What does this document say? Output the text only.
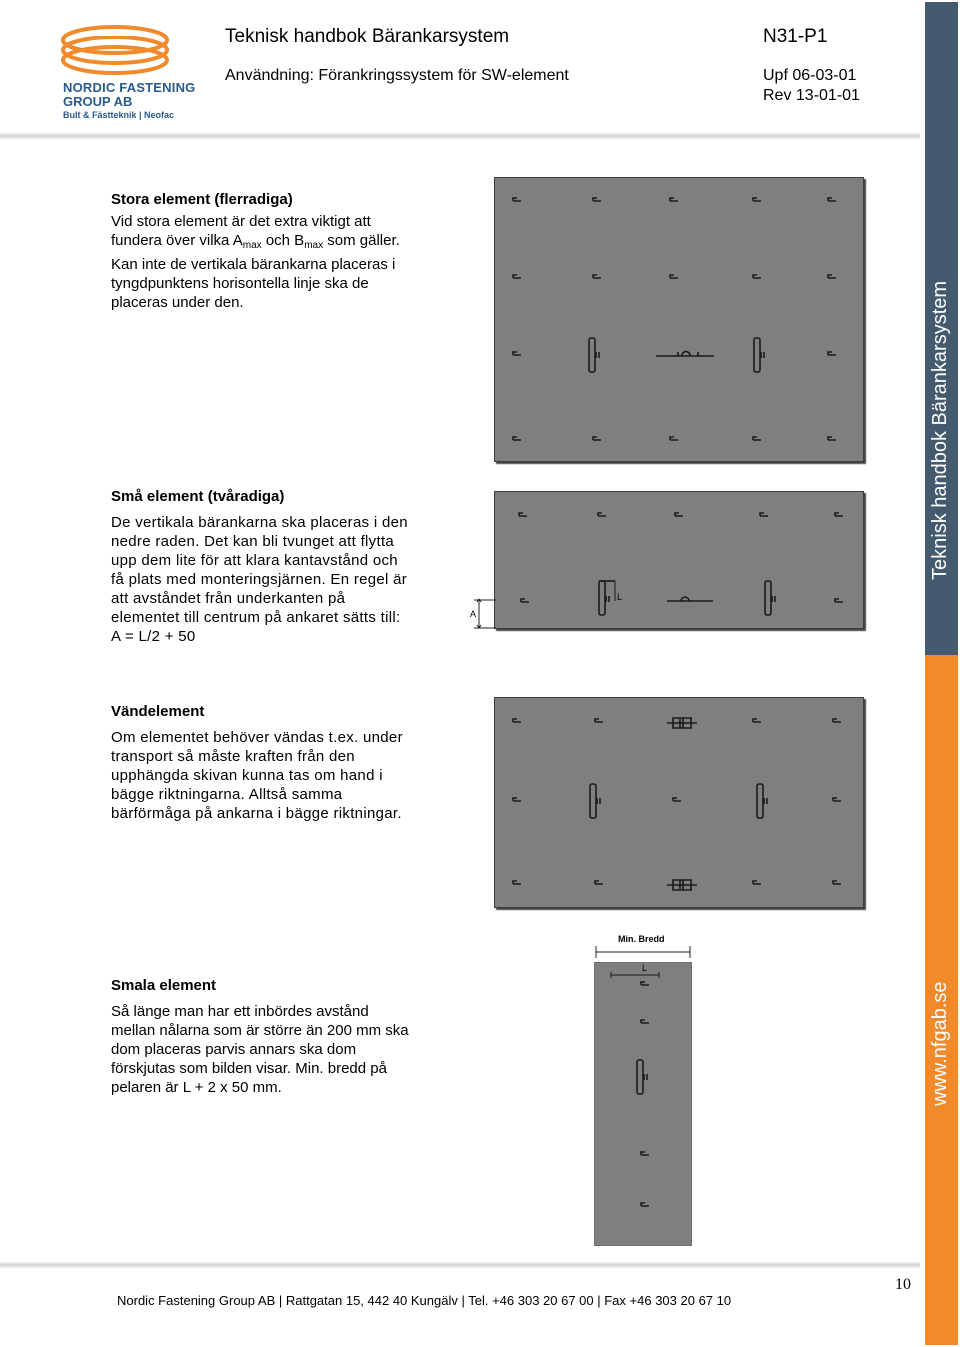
NORDIC FASTENING
GROUP AB
Bult & Fästteknik | Neofac
Teknisk handbok Bärankarsystem	N31-P1
Användning: Förankringssystem för SW-element	Upf 06-03-01
Rev 13-01-01
Stora element (flerradiga)

Vid stora element är det extra viktigt att fundera över vilka $A_{max}$ och $B_{max}$ som gäller. Kan inte de vertikala bärankarna placeras i tyngdpunktens horisontella linje ska de placeras under den.

Små element (tvåradiga)

De vertikala bärankarna ska placeras i den nedre raden. Det kan bli tvunget att flytta upp dem lite för att klara kantavstånd och få plats med monteringsjärnen. En regel är att avståndet från underkanten på elementet till centrum på ankaret sätts till: A = L/2 + 50

Vändelement

Om elementet behöver vändas t.ex. under transport så måste kraften från den upphängda skivan kunna tas om hand i bägge riktningarna. Alltså samma bärförmåga på ankarna i bägge riktningar.

Smala element

Så länge man har ett inbördes avstånd mellan nålarna som är större än 200 mm ska dom placeras parvis annars ska dom förskjutas som bilden visar. Min. bredd på pelaren är L + 2 x 50 mm.

A
L
Min. Bredd
L
Teknisk handbok Bärankarsystem
www.nfgab.se
10
Nordic Fastening Group AB | Rattgatan 15, 442 40 Kungälv | Tel. +46 303 20 67 00 | Fax +46 303 20 67 10
